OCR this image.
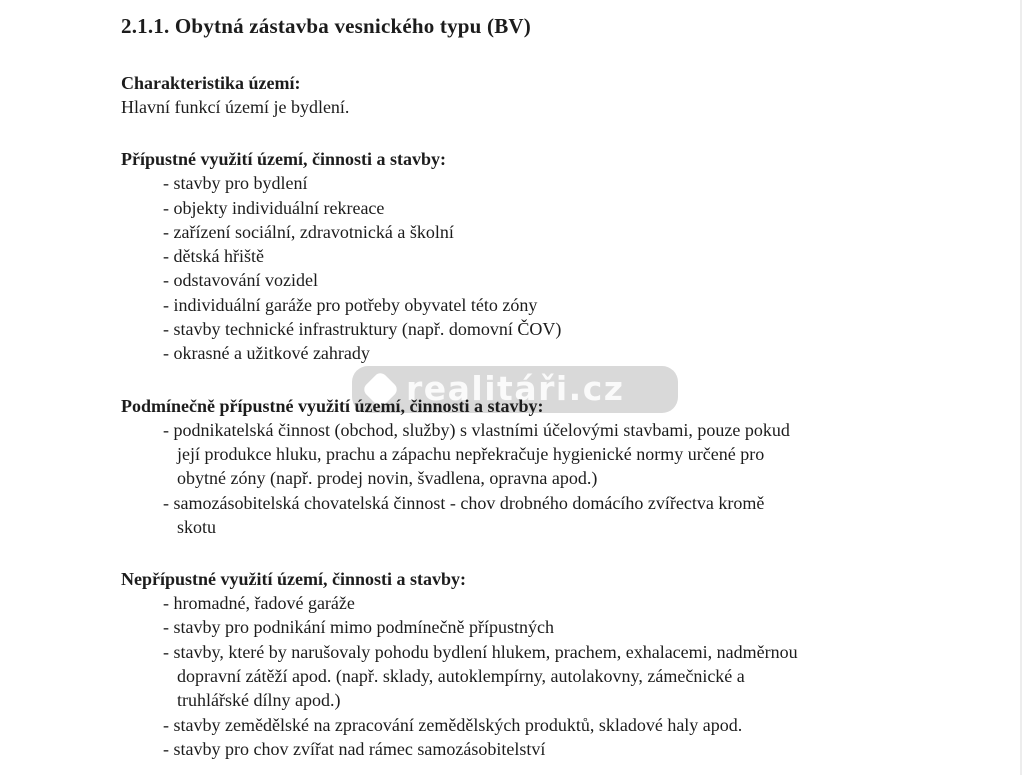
realitáři.cz
2.1.1. Obytná zástavba vesnického typu (BV)
Charakteristika území:
Hlavní funkcí území je bydlení.
Přípustné využití území, činnosti a stavby:
- stavby pro bydlení
- objekty individuální rekreace
- zařízení sociální, zdravotnická a školní
- dětská hřiště
- odstavování vozidel
- individuální garáže pro potřeby obyvatel této zóny
- stavby technické infrastruktury (např. domovní ČOV)
- okrasné a užitkové zahrady
Podmínečně přípustné využití území, činnosti a stavby:
- podnikatelská činnost (obchod, služby) s vlastními účelovými stavbami, pouze pokud
její produkce hluku, prachu a zápachu nepřekračuje hygienické normy určené pro
obytné zóny (např. prodej novin, švadlena, opravna apod.)
- samozásobitelská chovatelská činnost - chov drobného domácího zvířectva kromě
skotu
Nepřípustné využití území, činnosti a stavby:
- hromadné, řadové garáže
- stavby pro podnikání mimo podmínečně přípustných
- stavby, které by narušovaly pohodu bydlení hlukem, prachem, exhalacemi, nadměrnou
dopravní zátěží apod. (např. sklady, autoklempírny, autolakovny, zámečnické a
truhlářské dílny apod.)
- stavby zemědělské na zpracování zemědělských produktů, skladové haly apod.
- stavby pro chov zvířat nad rámec samozásobitelství
